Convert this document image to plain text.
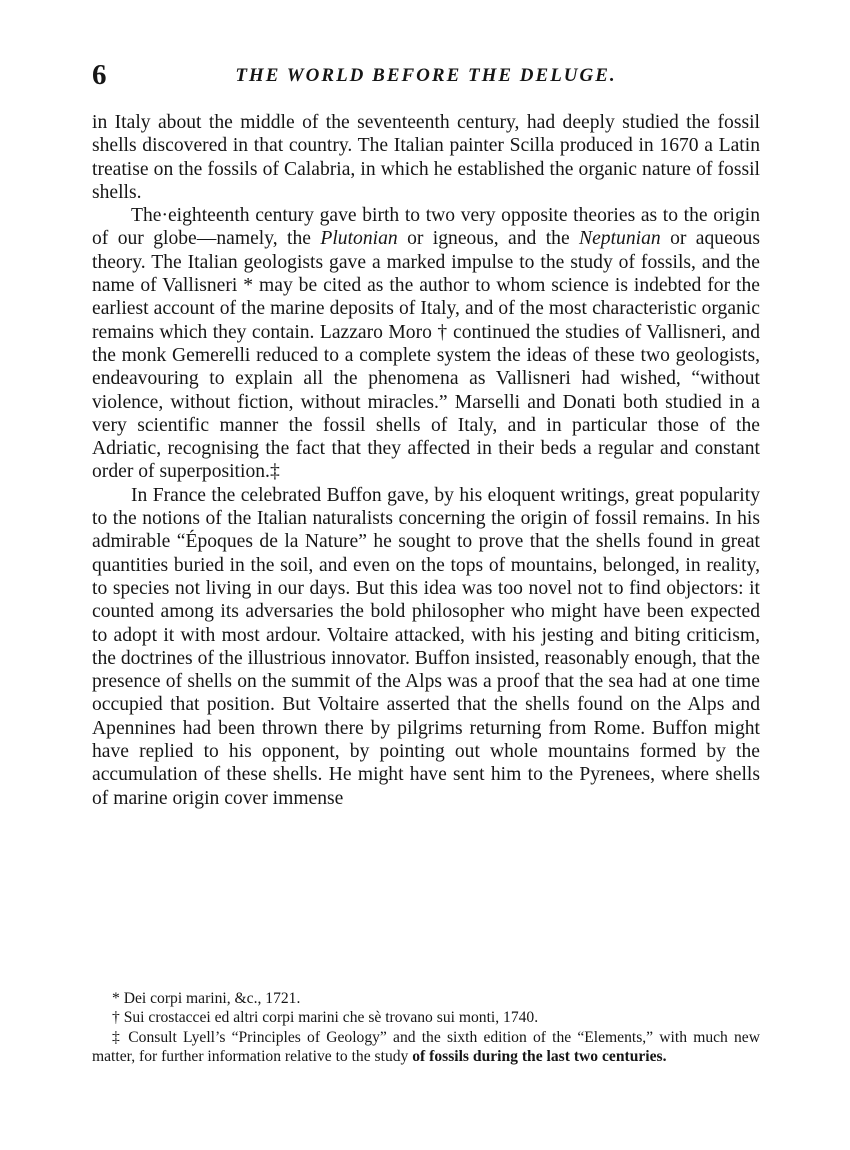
6	THE WORLD BEFORE THE DELUGE.

in Italy about the middle of the seventeenth century, had deeply studied the fossil shells discovered in that country. The Italian painter Scilla produced in 1670 a Latin treatise on the fossils of Calabria, in which he established the organic nature of fossil shells.

The·eighteenth century gave birth to two very opposite theories as to the origin of our globe—namely, the Plutonian or igneous, and the Neptunian or aqueous theory. The Italian geologists gave a marked impulse to the study of fossils, and the name of Vallisneri * may be cited as the author to whom science is indebted for the earliest account of the marine deposits of Italy, and of the most characteristic organic remains which they contain. Lazzaro Moro † continued the studies of Vallisneri, and the monk Gemerelli reduced to a complete system the ideas of these two geologists, endeavouring to explain all the phenomena as Vallisneri had wished, “without violence, without fiction, without miracles.” Marselli and Donati both studied in a very scientific manner the fossil shells of Italy, and in particular those of the Adriatic, recognising the fact that they affected in their beds a regular and constant order of superposition.‡

In France the celebrated Buffon gave, by his eloquent writings, great popularity to the notions of the Italian naturalists concerning the origin of fossil remains. In his admirable “Époques de la Nature” he sought to prove that the shells found in great quantities buried in the soil, and even on the tops of mountains, belonged, in reality, to species not living in our days. But this idea was too novel not to find objectors: it counted among its adversaries the bold philosopher who might have been expected to adopt it with most ardour. Voltaire attacked, with his jesting and biting criticism, the doctrines of the illustrious innovator. Buffon insisted, reasonably enough, that the presence of shells on the summit of the Alps was a proof that the sea had at one time occupied that position. But Voltaire asserted that the shells found on the Alps and Apennines had been thrown there by pilgrims returning from Rome. Buffon might have replied to his opponent, by pointing out whole mountains formed by the accumulation of these shells. He might have sent him to the Pyrenees, where shells of marine origin cover immense

* Dei corpi marini, &c., 1721.

† Sui crostaccei ed altri corpi marini che sè trovano sui monti, 1740.

‡ Consult Lyell’s “Principles of Geology” and the sixth edition of the “Elements,” with much new matter, for further information relative to the study of fossils during the last two centuries.
